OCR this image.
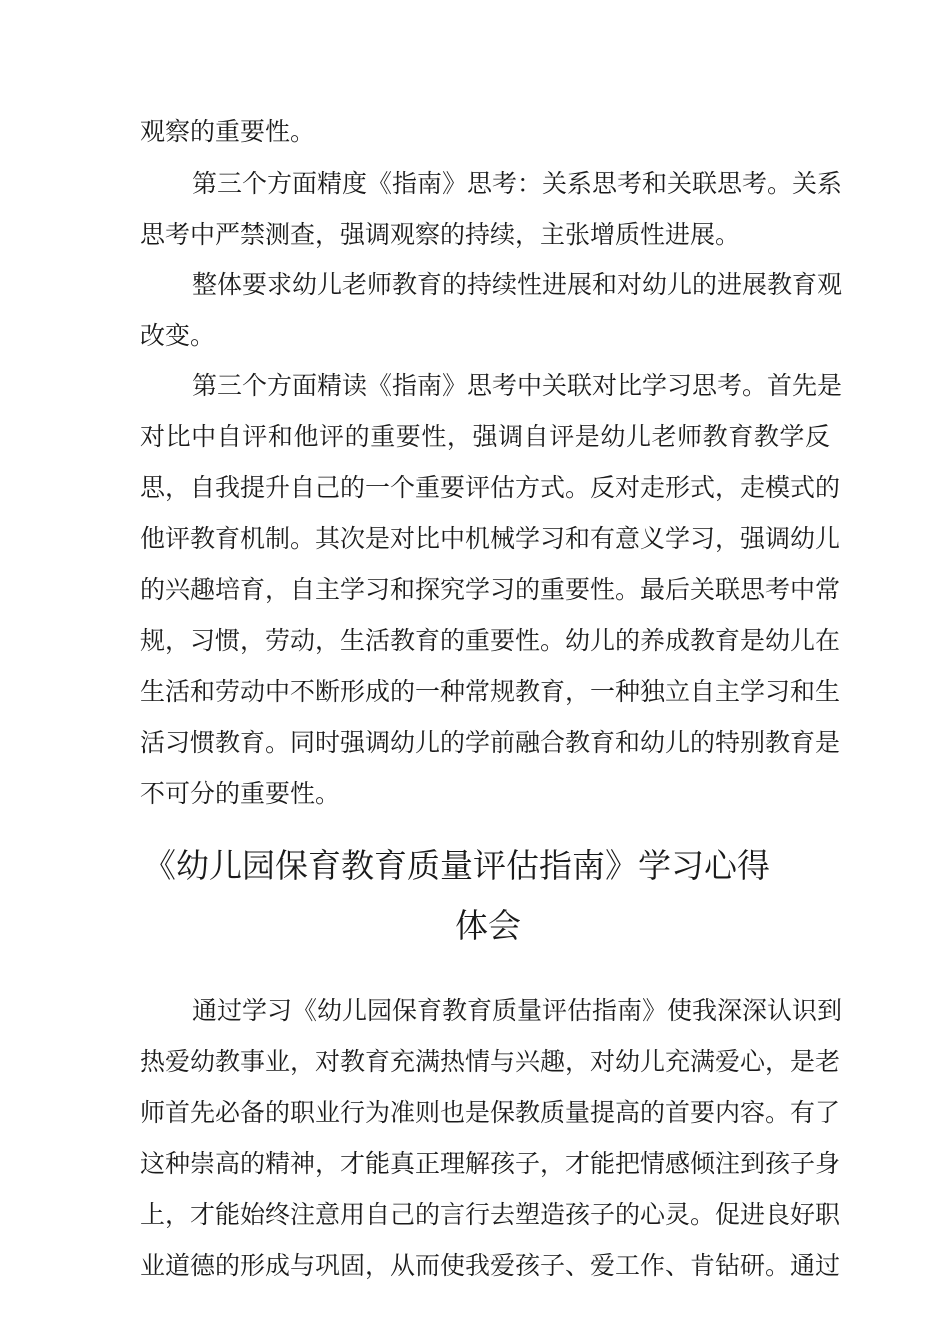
观察的重要性。
第三个方面精度《指南》思考：关系思考和关联思考。关系
思考中严禁测查，强调观察的持续，主张增质性进展。
整体要求幼儿老师教育的持续性进展和对幼儿的进展教育观
改变。
第三个方面精读《指南》思考中关联对比学习思考。首先是
对比中自评和他评的重要性，强调自评是幼儿老师教育教学反
思，自我提升自己的一个重要评估方式。反对走形式，走模式的
他评教育机制。其次是对比中机械学习和有意义学习，强调幼儿
的兴趣培育，自主学习和探究学习的重要性。最后关联思考中常
规，习惯，劳动，生活教育的重要性。幼儿的养成教育是幼儿在
生活和劳动中不断形成的一种常规教育，一种独立自主学习和生
活习惯教育。同时强调幼儿的学前融合教育和幼儿的特别教育是
不可分的重要性。
《幼儿园保育教育质量评估指南》学习心得
体会
通过学习《幼儿园保育教育质量评估指南》使我深深认识到
热爱幼教事业，对教育充满热情与兴趣，对幼儿充满爱心，是老
师首先必备的职业行为准则也是保教质量提高的首要内容。有了
这种崇高的精神，才能真正理解孩子，才能把情感倾注到孩子身
上，才能始终注意用自己的言行去塑造孩子的心灵。促进良好职
业道德的形成与巩固，从而使我爱孩子、爱工作、肯钻研。通过
